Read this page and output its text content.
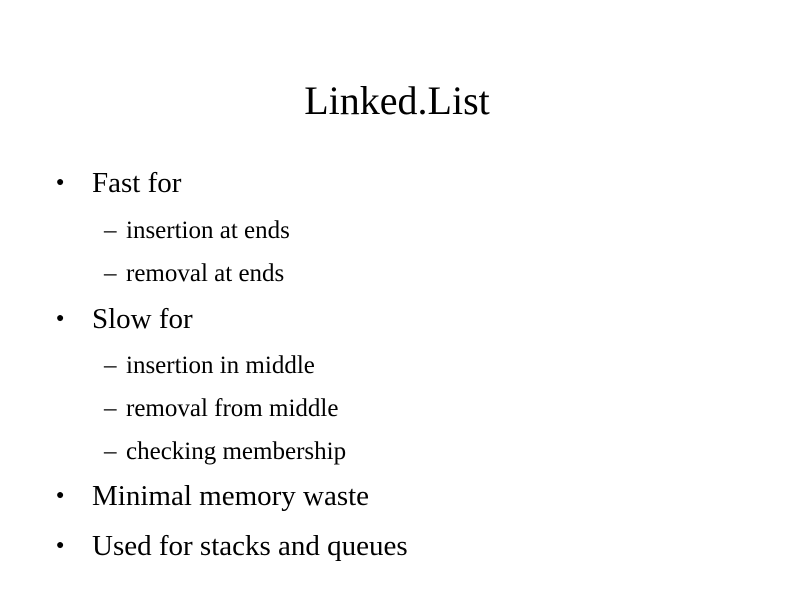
Linked.List
● Fast for
– insertion at ends
– removal at ends
● Slow for
– insertion in middle
– removal from middle
– checking membership
● Minimal memory waste
● Used for stacks and queues
